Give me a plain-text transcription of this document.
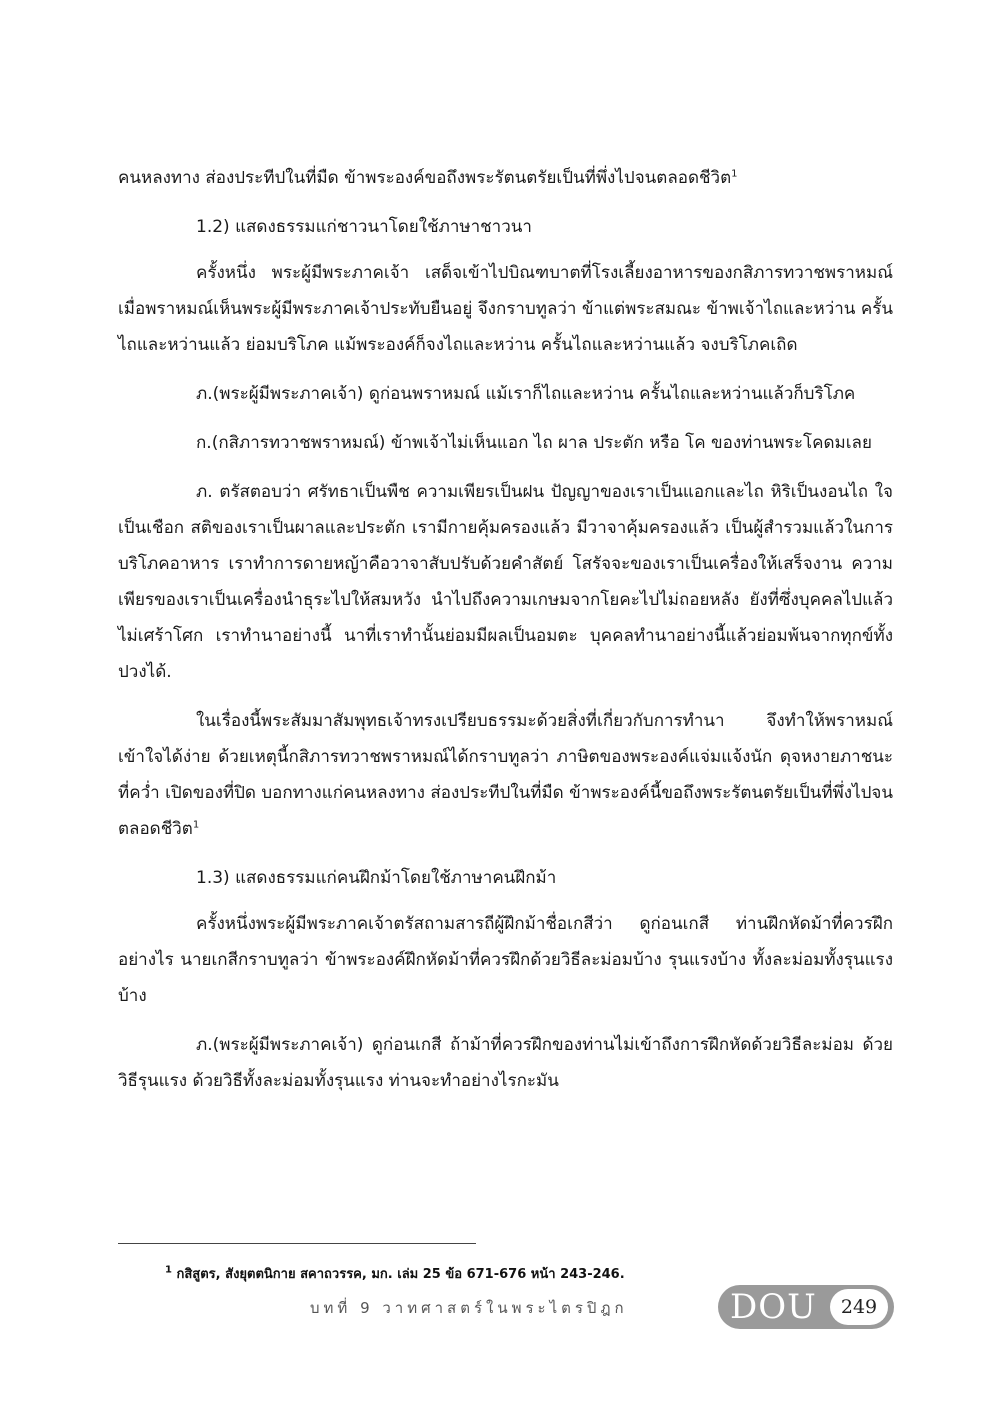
คนหลงทาง ส่องประทีปในที่มืด ข้าพระองค์ขอถึงพระรัตนตรัยเป็นที่พึ่งไปจนตลอดชีวิต$^1$

1.2) แสดงธรรมแก่ชาวนาโดยใช้ภาษาชาวนา

ครั้งหนึ่ง พระผู้มีพระภาคเจ้า เสด็จเข้าไปบิณฑบาตที่โรงเลี้ยงอาหารของกสิภารทวาชพราหมณ์ เมื่อพราหมณ์เห็นพระผู้มีพระภาคเจ้าประทับยืนอยู่ จึงกราบทูลว่า ข้าแต่พระสมณะ ข้าพเจ้าไถและหว่าน ครั้นไถและหว่านแล้ว ย่อมบริโภค แม้พระองค์ก็จงไถและหว่าน ครั้นไถและหว่านแล้ว จงบริโภคเถิด

ภ.(พระผู้มีพระภาคเจ้า) ดูก่อนพราหมณ์ แม้เราก็ไถและหว่าน ครั้นไถและหว่านแล้วก็บริโภค

ก.(กสิภารทวาชพราหมณ์) ข้าพเจ้าไม่เห็นแอก ไถ ผาล ประตัก หรือ โค ของท่านพระโคดมเลย

ภ. ตรัสตอบว่า ศรัทธาเป็นพืช ความเพียรเป็นฝน ปัญญาของเราเป็นแอกและไถ หิริเป็นงอนไถ ใจเป็นเชือก สติของเราเป็นผาลและประตัก เรามีกายคุ้มครองแล้ว มีวาจาคุ้มครองแล้ว เป็นผู้สำรวมแล้วในการบริโภคอาหาร เราทำการดายหญ้าคือวาจาสับปรับด้วยคำสัตย์ โสรัจจะของเราเป็นเครื่องให้เสร็จงาน ความเพียรของเราเป็นเครื่องนำธุระไปให้สมหวัง นำไปถึงความเกษมจากโยคะไปไม่ถอยหลัง ยังที่ซึ่งบุคคลไปแล้วไม่เศร้าโศก เราทำนาอย่างนี้ นาที่เราทำนั้นย่อมมีผลเป็นอมตะ บุคคลทำนาอย่างนี้แล้วย่อมพ้นจากทุกข์ทั้งปวงได้.

ในเรื่องนี้พระสัมมาสัมพุทธเจ้าทรงเปรียบธรรมะด้วยสิ่งที่เกี่ยวกับการทำนา จึงทำให้พราหมณ์เข้าใจได้ง่าย ด้วยเหตุนี้กสิภารทวาชพราหมณ์ได้กราบทูลว่า ภาษิตของพระองค์แจ่มแจ้งนัก ดุจหงายภาชนะที่คว่ำ เปิดของที่ปิด บอกทางแก่คนหลงทาง ส่องประทีปในที่มืด ข้าพระองค์นี้ขอถึงพระรัตนตรัยเป็นที่พึ่งไปจนตลอดชีวิต$^1$

1.3) แสดงธรรมแก่คนฝึกม้าโดยใช้ภาษาคนฝึกม้า

ครั้งหนึ่งพระผู้มีพระภาคเจ้าตรัสถามสารถีผู้ฝึกม้าชื่อเกสีว่า ดูก่อนเกสี ท่านฝึกหัดม้าที่ควรฝึกอย่างไร นายเกสีกราบทูลว่า ข้าพระองค์ฝึกหัดม้าที่ควรฝึกด้วยวิธีละม่อมบ้าง รุนแรงบ้าง ทั้งละม่อมทั้งรุนแรงบ้าง

ภ.(พระผู้มีพระภาคเจ้า) ดูก่อนเกสี ถ้าม้าที่ควรฝึกของท่านไม่เข้าถึงการฝึกหัดด้วยวิธีละม่อม ด้วยวิธีรุนแรง ด้วยวิธีทั้งละม่อมทั้งรุนแรง ท่านจะทำอย่างไรกะมัน

$^1$ กสิสูตร, สังยุตตนิกาย สคาถวรรค, มก. เล่ม 25 ข้อ 671-676 หน้า 243-246.
บทที่ 9 วาทศาสตร์ในพระไตรปิฎก	DOU	249
